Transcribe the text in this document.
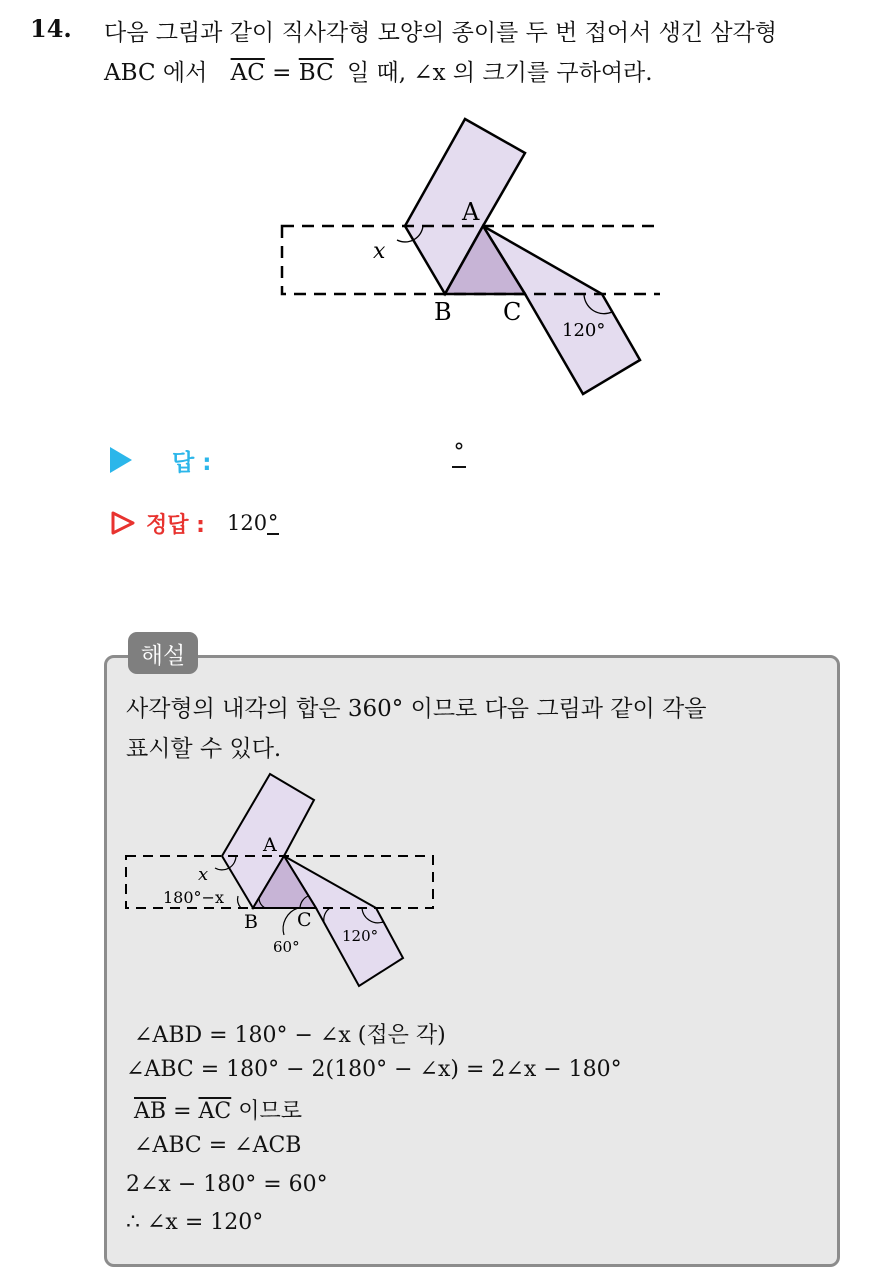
14. 다음 그림과 같이 직사각형 모양의 종이를 두 번 접어서 생긴 삼각형
ABC 에서 $\overline{AC} = \overline{BC}$ 일 때, ∠x 의 크기를 구하여라.
A
B C
x
120°
답 :	°
정답 : 120°
해설
사각형의 내각의 합은 360° 이므로 다음 그림과 같이 각을
표시할 수 있다.
A
B C
x
180°−x
60°
120°
∠ABD = 180° − ∠x (접은 각)
∠ABC = 180° − 2(180° − ∠x) = 2∠x − 180°
$\overline{AB} = \overline{AC}$ 이므로
∠ABC = ∠ACB
2∠x − 180° = 60°
∴ ∠x = 120°
